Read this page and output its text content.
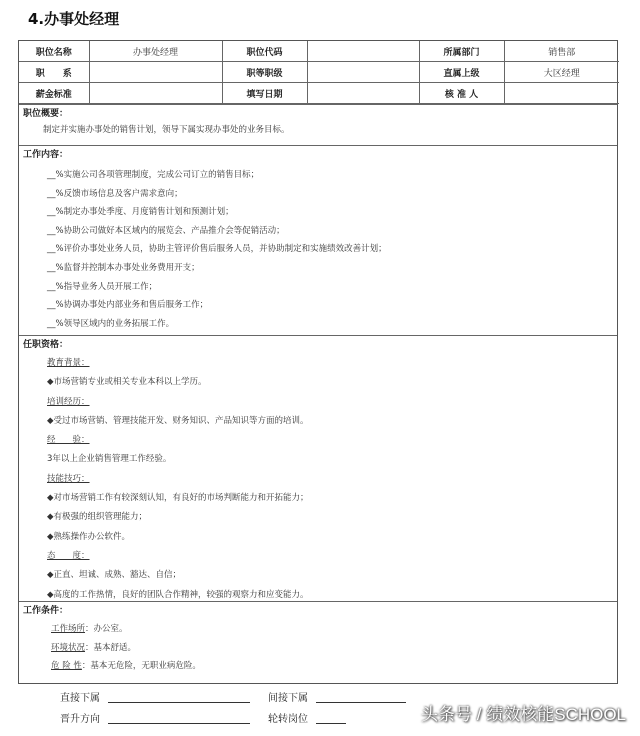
4.办事处经理
职位名称	办事处经理	职位代码		所属部门	销售部
职　　系		职等职级		直属上级	大区经理
薪金标准		填写日期		核 准 人	
职位概要：
制定并实施办事处的销售计划，领导下属实现办事处的业务目标。
工作内容：
__%实施公司各项管理制度，完成公司订立的销售目标；
__%反馈市场信息及客户需求意向；
__%制定办事处季度、月度销售计划和预测计划；
__%协助公司做好本区域内的展览会、产品推介会等促销活动；
__%评价办事处业务人员，协助主管评价售后服务人员，并协助制定和实施绩效改善计划；
__%监督并控制本办事处业务费用开支；
__%指导业务人员开展工作；
__%协调办事处内部业务和售后服务工作；
__%领导区域内的业务拓展工作。
任职资格：
教育背景：
◆市场营销专业或相关专业本科以上学历。
培训经历：
◆受过市场营销、管理技能开发、财务知识、产品知识等方面的培训。
经　　验：
3年以上企业销售管理工作经验。
技能技巧：
◆对市场营销工作有较深刻认知，有良好的市场判断能力和开拓能力；
◆有极强的组织管理能力；
◆熟练操作办公软件。
态　　度：
◆正直、坦诚、成熟、豁达、自信；
◆高度的工作热情，良好的团队合作精神，较强的观察力和应变能力。
工作条件：
工作场所：办公室。
环境状况：基本舒适。
危 险 性：基本无危险，无职业病危险。
直接下属	间接下属
晋升方向	轮转岗位	头条号 / 绩效核能SCHOOL
